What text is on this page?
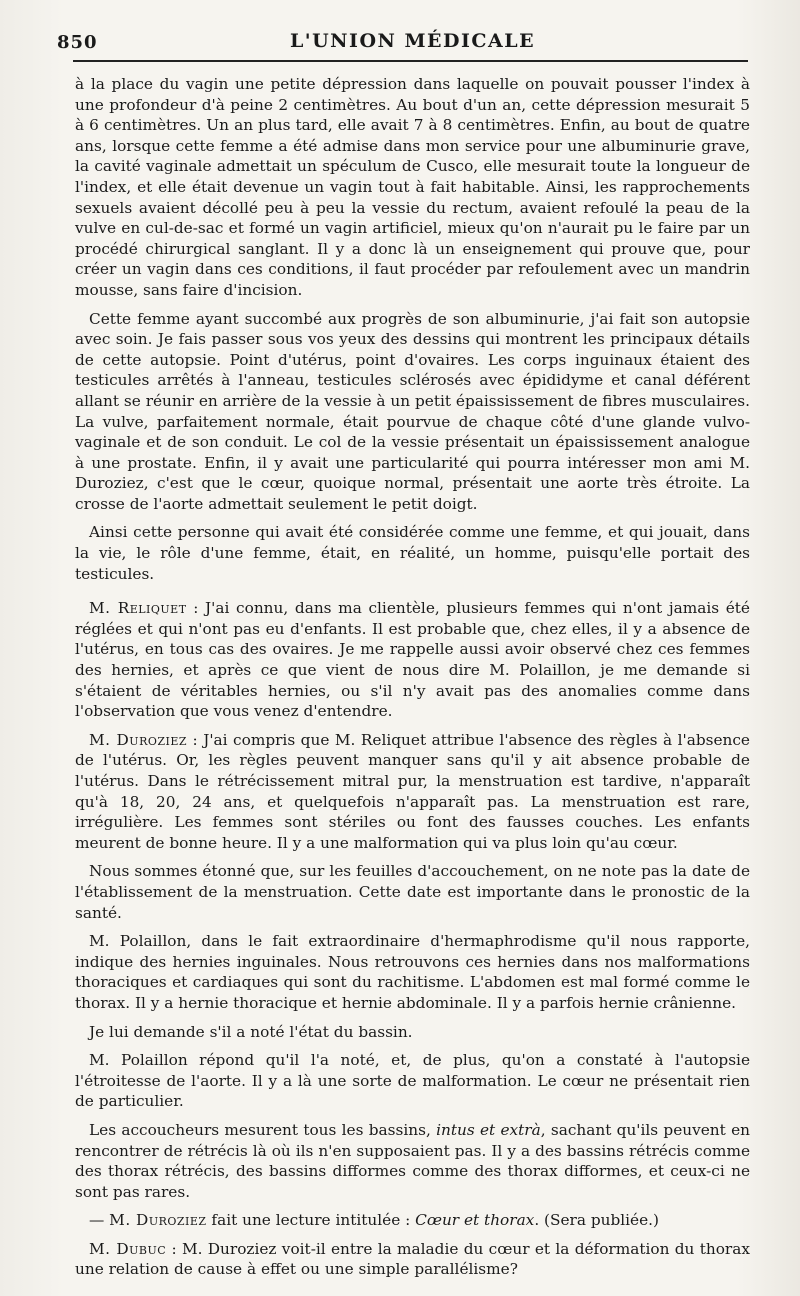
850	L'UNION MÉDICALE

à la place du vagin une petite dépression dans laquelle on pouvait pousser l'index à une profondeur d'à peine 2 centimètres. Au bout d'un an, cette dépression mesurait 5 à 6 centimètres. Un an plus tard, elle avait 7 à 8 centimètres. Enfin, au bout de quatre ans, lorsque cette femme a été admise dans mon service pour une albuminurie grave, la cavité vaginale admettait un spéculum de Cusco, elle mesurait toute la longueur de l'index, et elle était devenue un vagin tout à fait habitable. Ainsi, les rapprochements sexuels avaient décollé peu à peu la vessie du rectum, avaient refoulé la peau de la vulve en cul-de-sac et formé un vagin artificiel, mieux qu'on n'aurait pu le faire par un procédé chirurgical sanglant. Il y a donc là un enseignement qui prouve que, pour créer un vagin dans ces conditions, il faut procéder par refoulement avec un mandrin mousse, sans faire d'incision.

Cette femme ayant succombé aux progrès de son albuminurie, j'ai fait son autopsie avec soin. Je fais passer sous vos yeux des dessins qui montrent les principaux détails de cette autopsie. Point d'utérus, point d'ovaires. Les corps inguinaux étaient des testicules arrêtés à l'anneau, testicules sclérosés avec épididyme et canal déférent allant se réunir en arrière de la vessie à un petit épaississement de fibres musculaires. La vulve, parfaitement normale, était pourvue de chaque côté d'une glande vulvo-vaginale et de son conduit. Le col de la vessie présentait un épaississement analogue à une prostate. Enfin, il y avait une particularité qui pourra intéresser mon ami M. Duroziez, c'est que le cœur, quoique normal, présentait une aorte très étroite. La crosse de l'aorte admettait seulement le petit doigt.

Ainsi cette personne qui avait été considérée comme une femme, et qui jouait, dans la vie, le rôle d'une femme, était, en réalité, un homme, puisqu'elle portait des testicules.

M. Reliquet : J'ai connu, dans ma clientèle, plusieurs femmes qui n'ont jamais été réglées et qui n'ont pas eu d'enfants. Il est probable que, chez elles, il y a absence de l'utérus, en tous cas des ovaires. Je me rappelle aussi avoir observé chez ces femmes des hernies, et après ce que vient de nous dire M. Polaillon, je me demande si s'étaient de véritables hernies, ou s'il n'y avait pas des anomalies comme dans l'observation que vous venez d'entendre.

M. Duroziez : J'ai compris que M. Reliquet attribue l'absence des règles à l'absence de l'utérus. Or, les règles peuvent manquer sans qu'il y ait absence probable de l'utérus. Dans le rétrécissement mitral pur, la menstruation est tardive, n'apparaît qu'à 18, 20, 24 ans, et quelquefois n'apparaît pas. La menstruation est rare, irrégulière. Les femmes sont stériles ou font des fausses couches. Les enfants meurent de bonne heure. Il y a une malformation qui va plus loin qu'au cœur.

Nous sommes étonné que, sur les feuilles d'accouchement, on ne note pas la date de l'établissement de la menstruation. Cette date est importante dans le pronostic de la santé.

M. Polaillon, dans le fait extraordinaire d'hermaphrodisme qu'il nous rapporte, indique des hernies inguinales. Nous retrouvons ces hernies dans nos malformations thoraciques et cardiaques qui sont du rachitisme. L'abdomen est mal formé comme le thorax. Il y a hernie thoracique et hernie abdominale. Il y a parfois hernie crânienne.

Je lui demande s'il a noté l'état du bassin.

M. Polaillon répond qu'il l'a noté, et, de plus, qu'on a constaté à l'autopsie l'étroitesse de l'aorte. Il y a là une sorte de malformation. Le cœur ne présentait rien de particulier.

Les accoucheurs mesurent tous les bassins, intus et extrà, sachant qu'ils peuvent en rencontrer de rétrécis là où ils n'en supposaient pas. Il y a des bassins rétrécis comme des thorax rétrécis, des bassins difformes comme des thorax difformes, et ceux-ci ne sont pas rares.

— M. Duroziez fait une lecture intitulée : Cœur et thorax. (Sera publiée.)

M. Dubuc : M. Duroziez voit-il entre la maladie du cœur et la déformation du thorax une relation de cause à effet ou une simple parallélisme?
